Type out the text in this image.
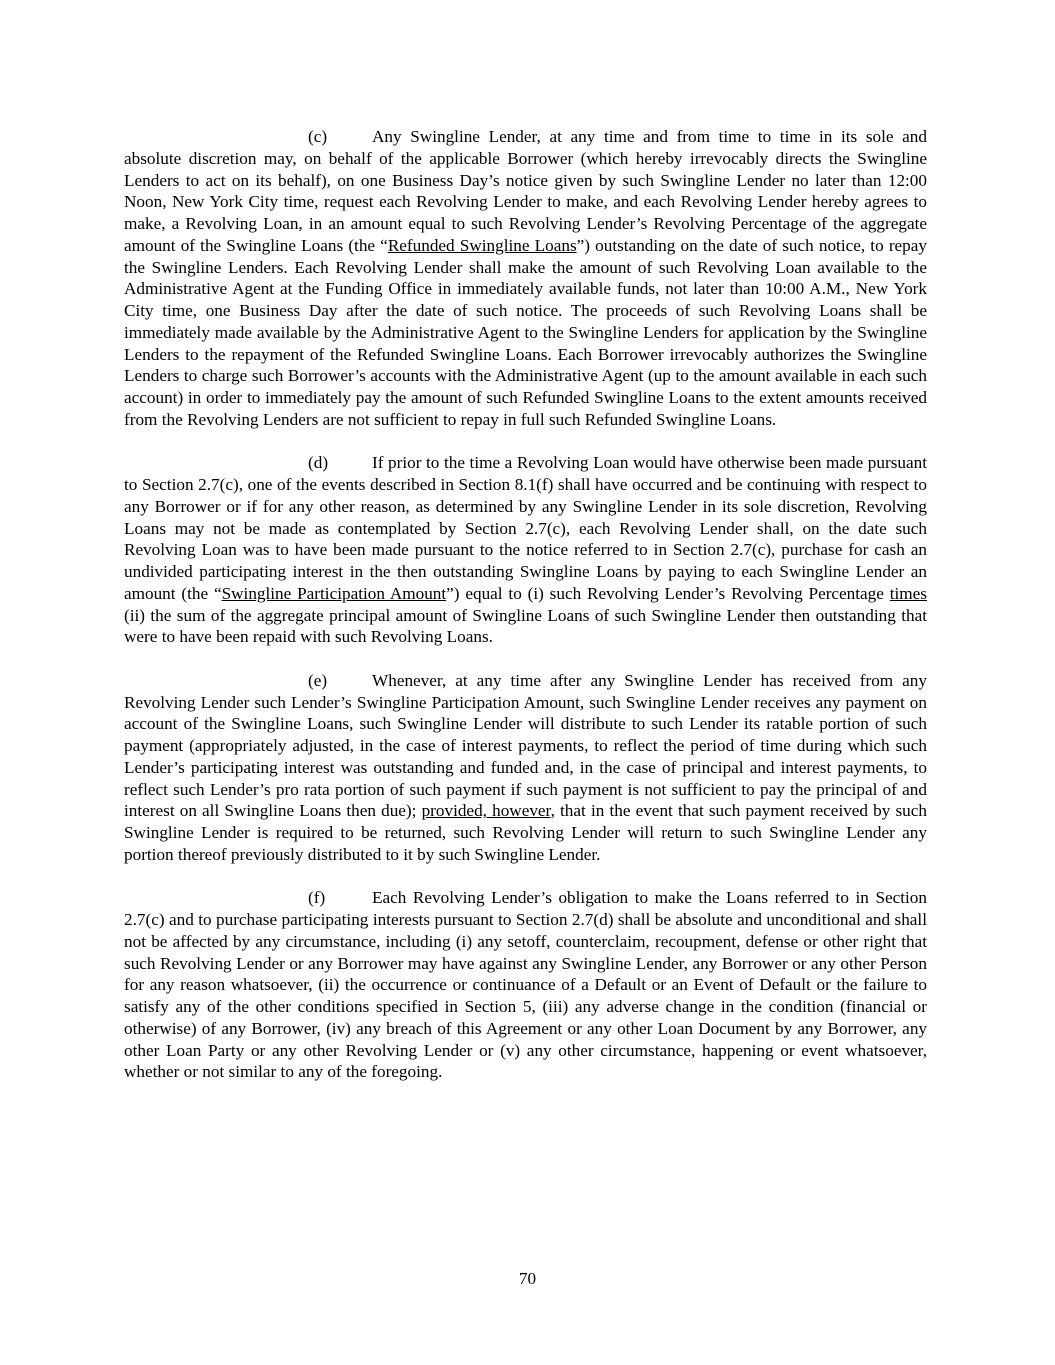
(c)	Any Swingline Lender, at any time and from time to time in its sole and absolute discretion may, on behalf of the applicable Borrower (which hereby irrevocably directs the Swingline Lenders to act on its behalf), on one Business Day’s notice given by such Swingline Lender no later than 12:00 Noon, New York City time, request each Revolving Lender to make, and each Revolving Lender hereby agrees to make, a Revolving Loan, in an amount equal to such Revolving Lender’s Revolving Percentage of the aggregate amount of the Swingline Loans (the “Refunded Swingline Loans”) outstanding on the date of such notice, to repay the Swingline Lenders. Each Revolving Lender shall make the amount of such Revolving Loan available to the Administrative Agent at the Funding Office in immediately available funds, not later than 10:00 A.M., New York City time, one Business Day after the date of such notice. The proceeds of such Revolving Loans shall be immediately made available by the Administrative Agent to the Swingline Lenders for application by the Swingline Lenders to the repayment of the Refunded Swingline Loans. Each Borrower irrevocably authorizes the Swingline Lenders to charge such Borrower’s accounts with the Administrative Agent (up to the amount available in each such account) in order to immediately pay the amount of such Refunded Swingline Loans to the extent amounts received from the Revolving Lenders are not sufficient to repay in full such Refunded Swingline Loans.

(d)	If prior to the time a Revolving Loan would have otherwise been made pursuant to Section 2.7(c), one of the events described in Section 8.1(f) shall have occurred and be continuing with respect to any Borrower or if for any other reason, as determined by any Swingline Lender in its sole discretion, Revolving Loans may not be made as contemplated by Section 2.7(c), each Revolving Lender shall, on the date such Revolving Loan was to have been made pursuant to the notice referred to in Section 2.7(c), purchase for cash an undivided participating interest in the then outstanding Swingline Loans by paying to each Swingline Lender an amount (the “Swingline Participation Amount”) equal to (i) such Revolving Lender’s Revolving Percentage times (ii) the sum of the aggregate principal amount of Swingline Loans of such Swingline Lender then outstanding that were to have been repaid with such Revolving Loans.

(e)	Whenever, at any time after any Swingline Lender has received from any Revolving Lender such Lender’s Swingline Participation Amount, such Swingline Lender receives any payment on account of the Swingline Loans, such Swingline Lender will distribute to such Lender its ratable portion of such payment (appropriately adjusted, in the case of interest payments, to reflect the period of time during which such Lender’s participating interest was outstanding and funded and, in the case of principal and interest payments, to reflect such Lender’s pro rata portion of such payment if such payment is not sufficient to pay the principal of and interest on all Swingline Loans then due); provided, however, that in the event that such payment received by such Swingline Lender is required to be returned, such Revolving Lender will return to such Swingline Lender any portion thereof previously distributed to it by such Swingline Lender.

(f)	Each Revolving Lender’s obligation to make the Loans referred to in Section 2.7(c) and to purchase participating interests pursuant to Section 2.7(d) shall be absolute and unconditional and shall not be affected by any circumstance, including (i) any setoff, counterclaim, recoupment, defense or other right that such Revolving Lender or any Borrower may have against any Swingline Lender, any Borrower or any other Person for any reason whatsoever, (ii) the occurrence or continuance of a Default or an Event of Default or the failure to satisfy any of the other conditions specified in Section 5, (iii) any adverse change in the condition (financial or otherwise) of any Borrower, (iv) any breach of this Agreement or any other Loan Document by any Borrower, any other Loan Party or any other Revolving Lender or (v) any other circumstance, happening or event whatsoever, whether or not similar to any of the foregoing.

70
